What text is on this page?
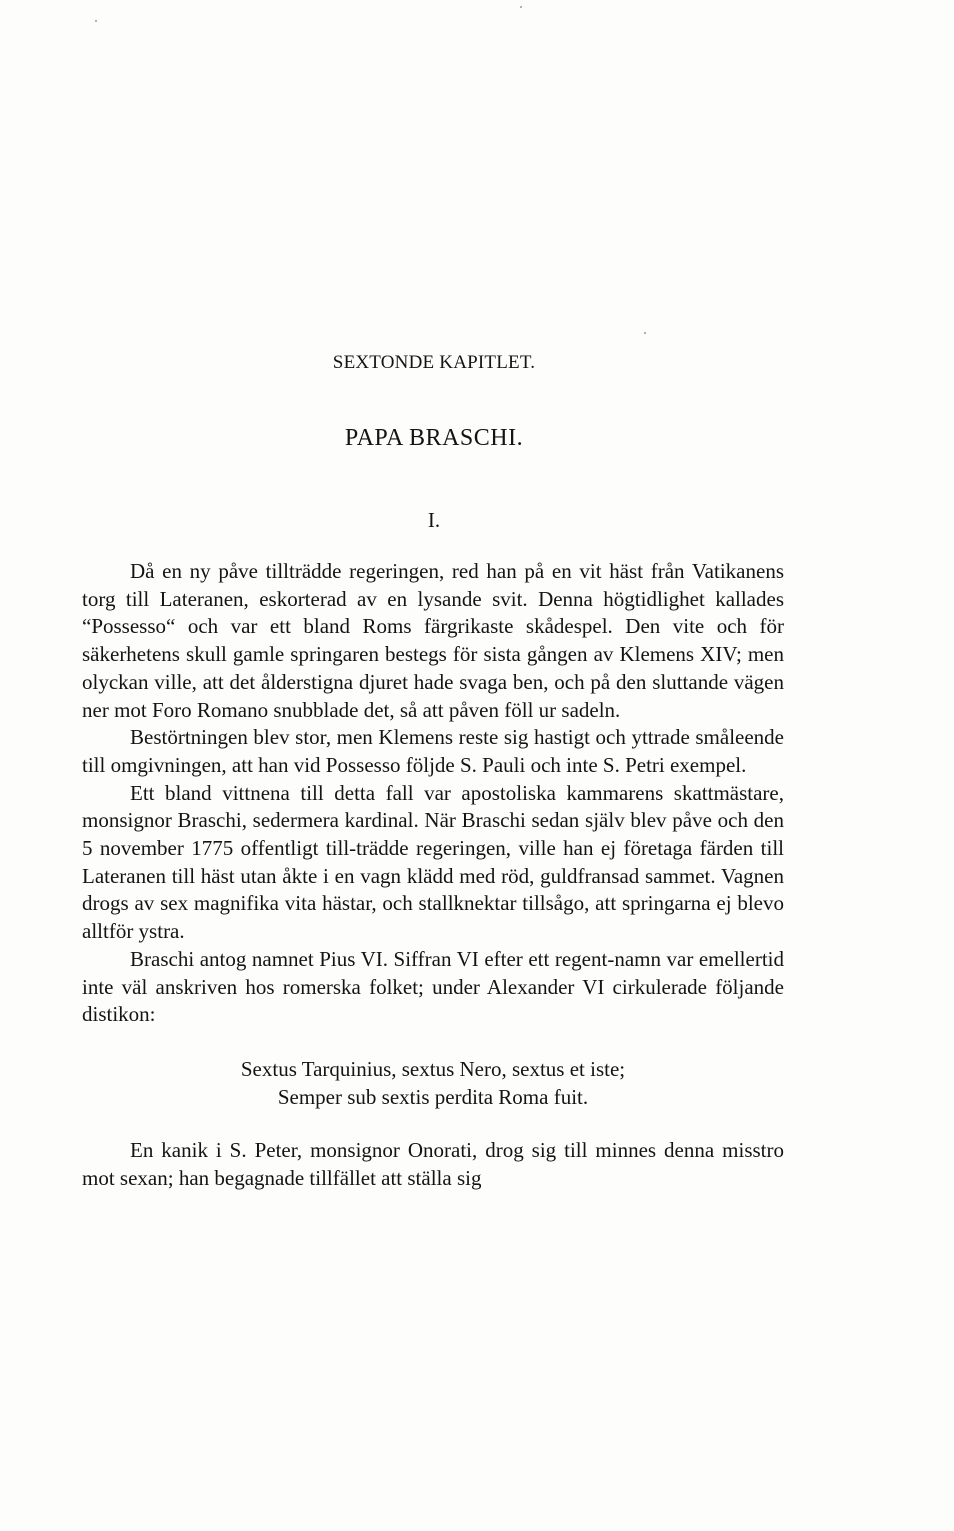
SEXTONDE KAPITLET.
PAPA BRASCHI.
I.

Då en ny påve tillträdde regeringen, red han på en vit häst från Vatikanens torg till Lateranen, eskorterad av en lysande svit. Denna högtidlighet kallades “Possesso“ och var ett bland Roms färgrikaste skådespel. Den vite och för säkerhetens skull gamle springaren bestegs för sista gången av Klemens XIV; men olyckan ville, att det ålderstigna djuret hade svaga ben, och på den sluttande vägen ner mot Foro Romano snubblade det, så att påven föll ur sadeln.

Bestörtningen blev stor, men Klemens reste sig hastigt och yttrade småleende till omgivningen, att han vid Possesso följde S. Pauli och inte S. Petri exempel.

Ett bland vittnena till detta fall var apostoliska kammarens skattmästare, monsignor Braschi, sedermera kardinal. När Braschi sedan själv blev påve och den 5 november 1775 offentligt till-trädde regeringen, ville han ej företaga färden till Lateranen till häst utan åkte i en vagn klädd med röd, guldfransad sammet. Vagnen drogs av sex magnifika vita hästar, och stallknektar tillsågo, att springarna ej blevo alltför ystra.

Braschi antog namnet Pius VI. Siffran VI efter ett regent-namn var emellertid inte väl anskriven hos romerska folket; under Alexander VI cirkulerade följande distikon:

Sextus Tarquinius, sextus Nero, sextus et iste;
Semper sub sextis perdita Roma fuit.

En kanik i S. Peter, monsignor Onorati, drog sig till minnes denna misstro mot sexan; han begagnade tillfället att ställa sig
